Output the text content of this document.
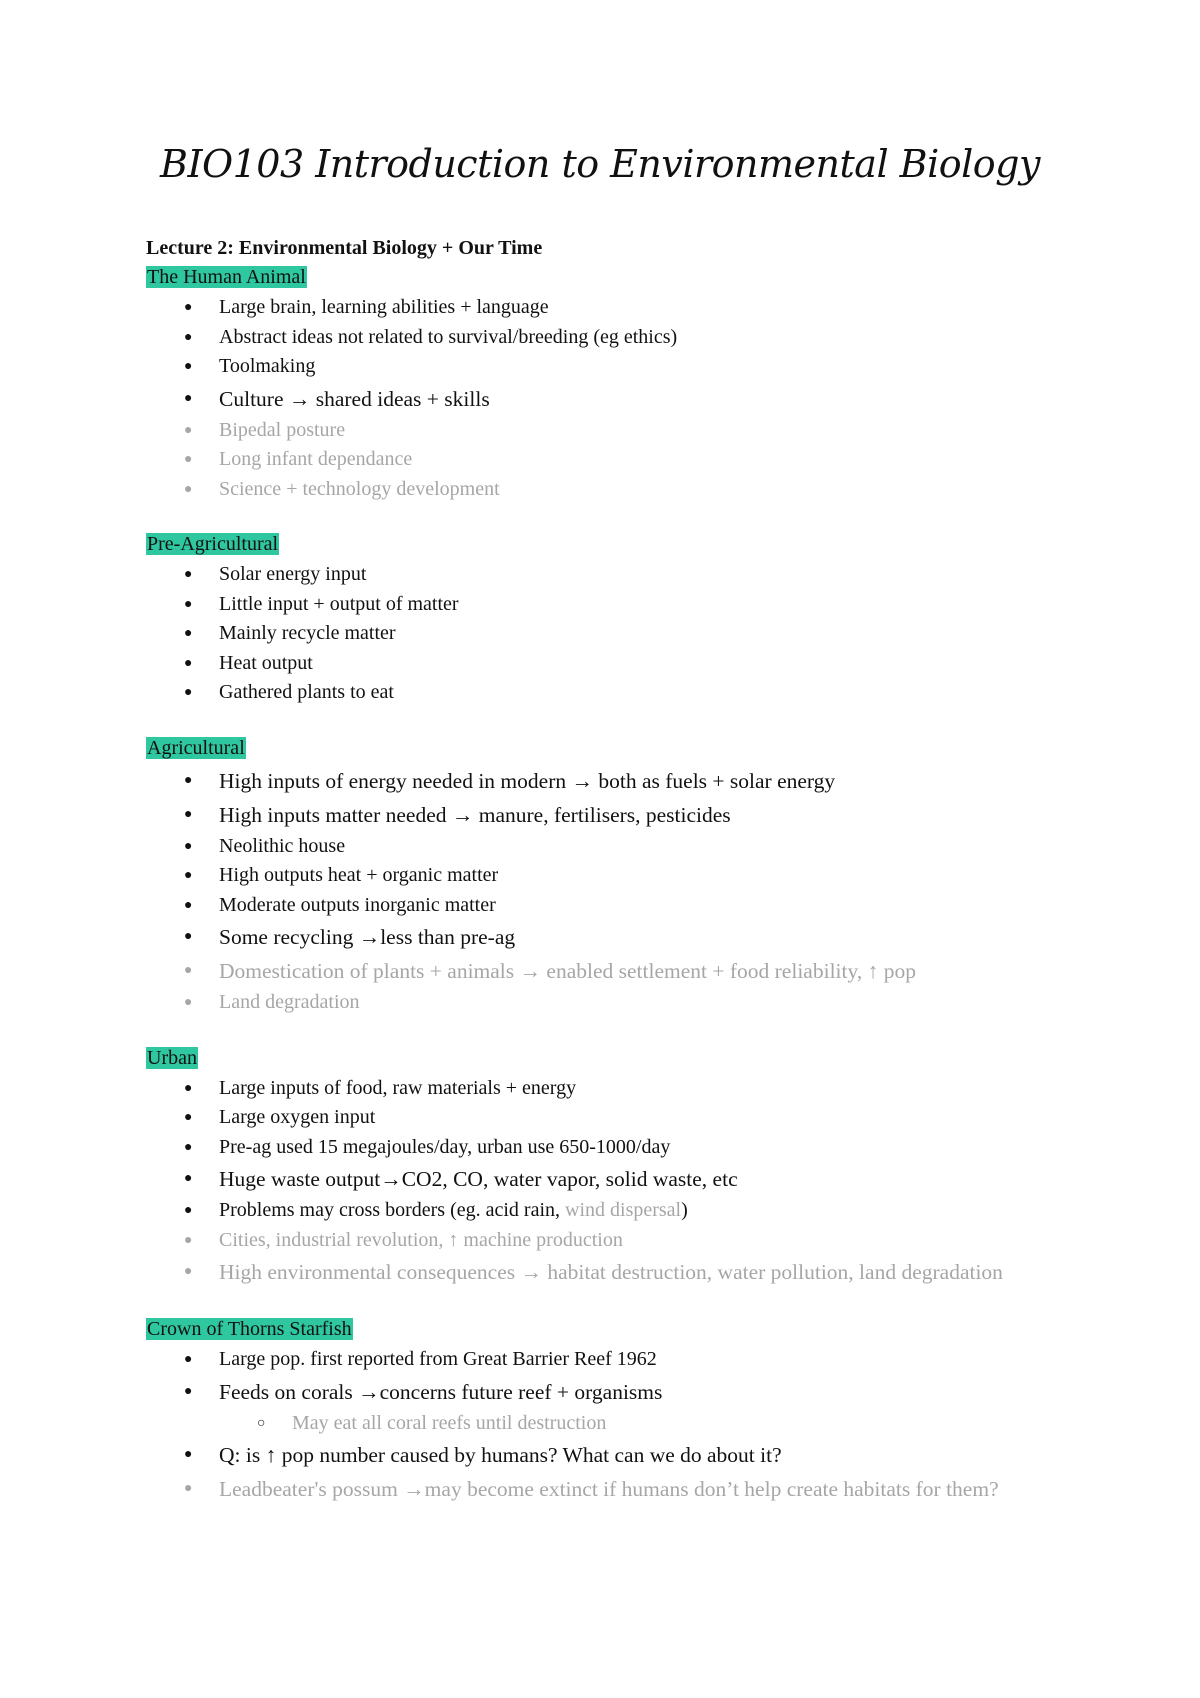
BIO103 Introduction to Environmental Biology

Lecture 2: Environmental Biology + Our Time

The Human Animal

● Large brain, learning abilities + language
● Abstract ideas not related to survival/breeding (eg ethics)
● Toolmaking
● Culture → shared ideas + skills
● Bipedal posture
● Long infant dependance
● Science + technology development

Pre-Agricultural

● Solar energy input
● Little input + output of matter
● Mainly recycle matter
● Heat output
● Gathered plants to eat

Agricultural

● High inputs of energy needed in modern → both as fuels + solar energy
● High inputs matter needed → manure, fertilisers, pesticides
● Neolithic house
● High outputs heat + organic matter
● Moderate outputs inorganic matter
● Some recycling →less than pre-ag
● Domestication of plants + animals → enabled settlement + food reliability, ↑ pop
● Land degradation

Urban

● Large inputs of food, raw materials + energy
● Large oxygen input
● Pre-ag used 15 megajoules/day, urban use 650-1000/day
● Huge waste output→CO2, CO, water vapor, solid waste, etc
● Problems may cross borders (eg. acid rain, wind dispersal)
● Cities, industrial revolution, ↑ machine production
● High environmental consequences → habitat destruction, water pollution, land degradation

Crown of Thorns Starfish

● Large pop. first reported from Great Barrier Reef 1962
● Feeds on corals →concerns future reef + organisms
○ May eat all coral reefs until destruction
● Q: is ↑ pop number caused by humans? What can we do about it?
● Leadbeater's possum →may become extinct if humans don’t help create habitats for them?
